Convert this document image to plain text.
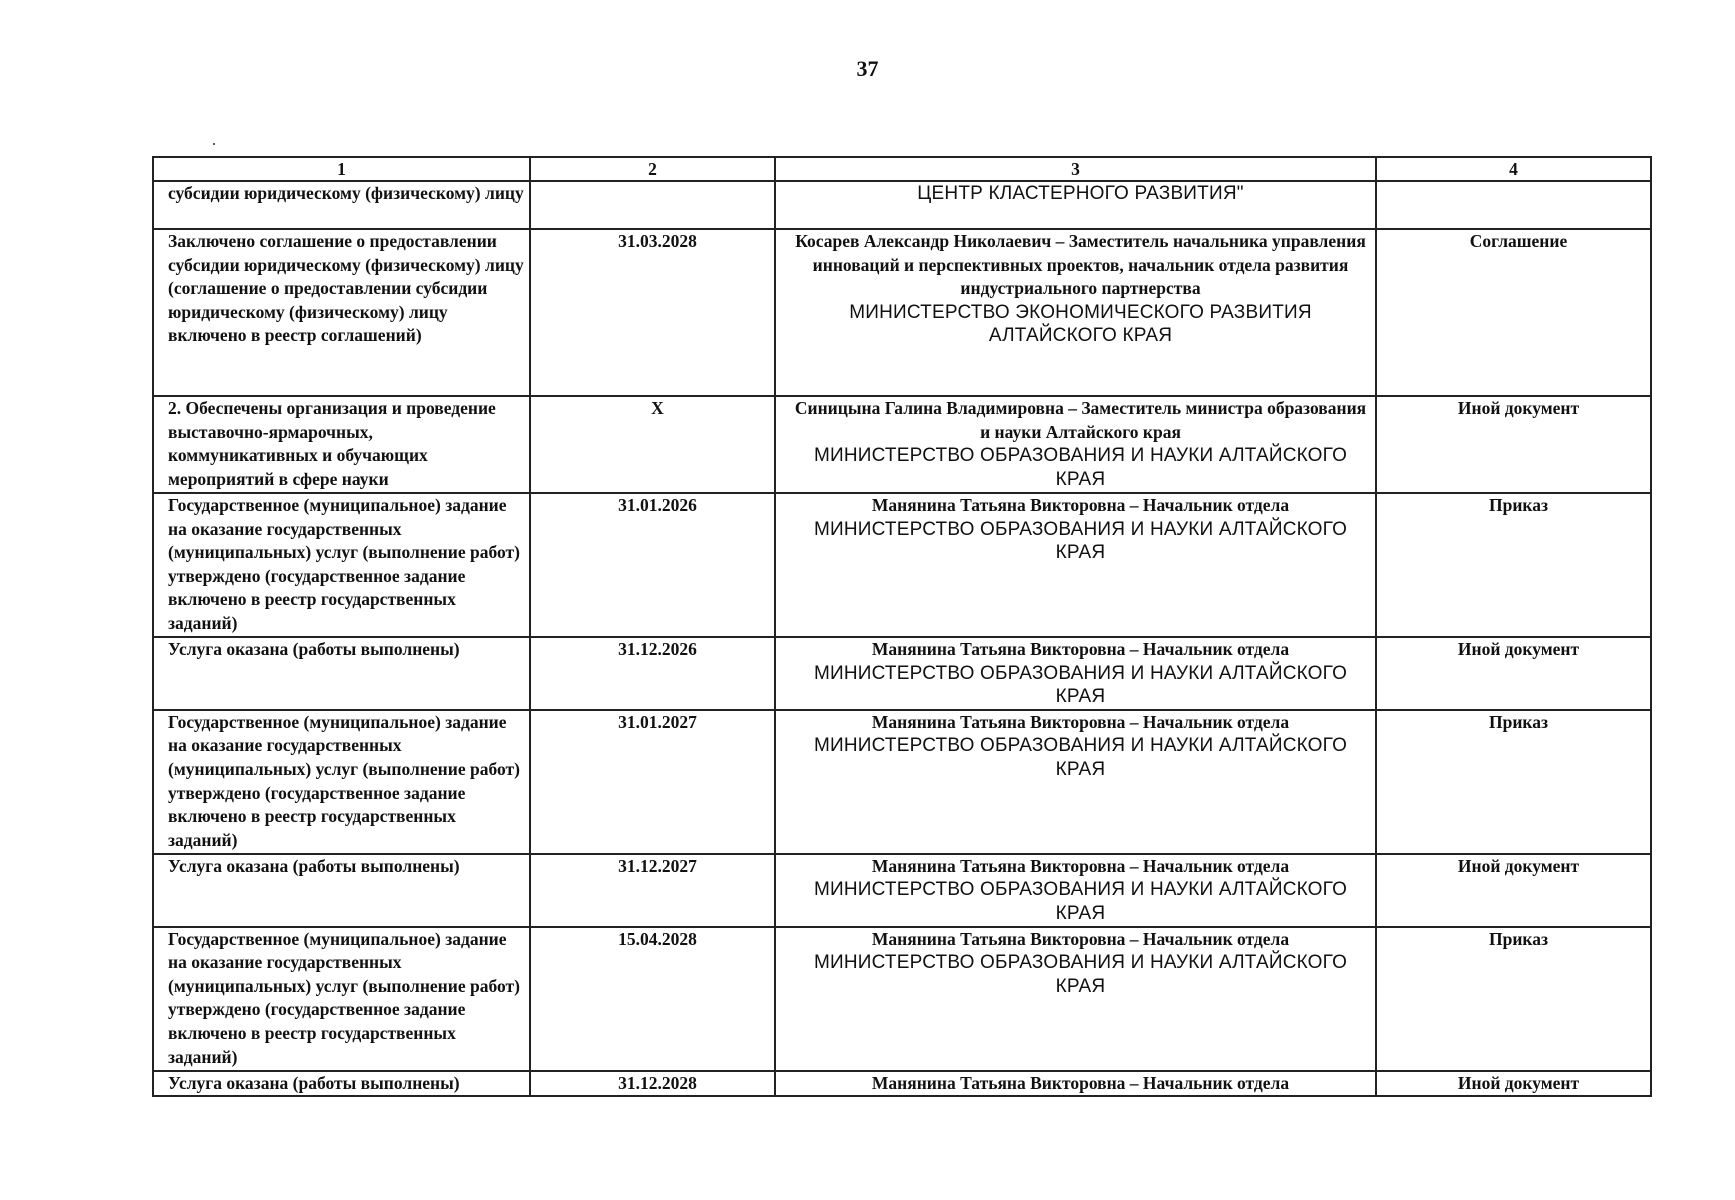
37
1	2	3	4
субсидии юридическому (физическому) лицу		ЦЕНТР КЛАСТЕРНОГО РАЗВИТИЯ"	

Заключено соглашение о предоставлении субсидии юридическому (физическому) лицу (соглашение о предоставлении субсидии юридическому (физическому) лицу включено в реестр соглашений)	31.03.2028	Косарев Александр Николаевич – Заместитель начальника управления инноваций и перспективных проектов, начальник отдела развития индустриального партнерства
МИНИСТЕРСТВО ЭКОНОМИЧЕСКОГО РАЗВИТИЯ АЛТАЙСКОГО КРАЯ	Соглашение
2. Обеспечены организация и проведение выставочно-ярмарочных, коммуникативных и обучающих мероприятий в сфере науки	X	Синицына Галина Владимировна – Заместитель министра образования и науки Алтайского края
МИНИСТЕРСТВО ОБРАЗОВАНИЯ И НАУКИ АЛТАЙСКОГО КРАЯ	Иной документ
Государственное (муниципальное) задание на оказание государственных (муниципальных) услуг (выполнение работ) утверждено (государственное задание включено в реестр государственных заданий)	31.01.2026	Манянина Татьяна Викторовна – Начальник отдела
МИНИСТЕРСТВО ОБРАЗОВАНИЯ И НАУКИ АЛТАЙСКОГО КРАЯ	Приказ
Услуга оказана (работы выполнены)	31.12.2026	Манянина Татьяна Викторовна – Начальник отдела
МИНИСТЕРСТВО ОБРАЗОВАНИЯ И НАУКИ АЛТАЙСКОГО КРАЯ	Иной документ
Государственное (муниципальное) задание на оказание государственных (муниципальных) услуг (выполнение работ) утверждено (государственное задание включено в реестр государственных заданий)	31.01.2027	Манянина Татьяна Викторовна – Начальник отдела
МИНИСТЕРСТВО ОБРАЗОВАНИЯ И НАУКИ АЛТАЙСКОГО КРАЯ	Приказ
Услуга оказана (работы выполнены)	31.12.2027	Манянина Татьяна Викторовна – Начальник отдела
МИНИСТЕРСТВО ОБРАЗОВАНИЯ И НАУКИ АЛТАЙСКОГО КРАЯ	Иной документ
Государственное (муниципальное) задание на оказание государственных (муниципальных) услуг (выполнение работ) утверждено (государственное задание включено в реестр государственных заданий)	15.04.2028	Манянина Татьяна Викторовна – Начальник отдела
МИНИСТЕРСТВО ОБРАЗОВАНИЯ И НАУКИ АЛТАЙСКОГО КРАЯ	Приказ
Услуга оказана (работы выполнены)	31.12.2028	Манянина Татьяна Викторовна – Начальник отдела	Иной документ
